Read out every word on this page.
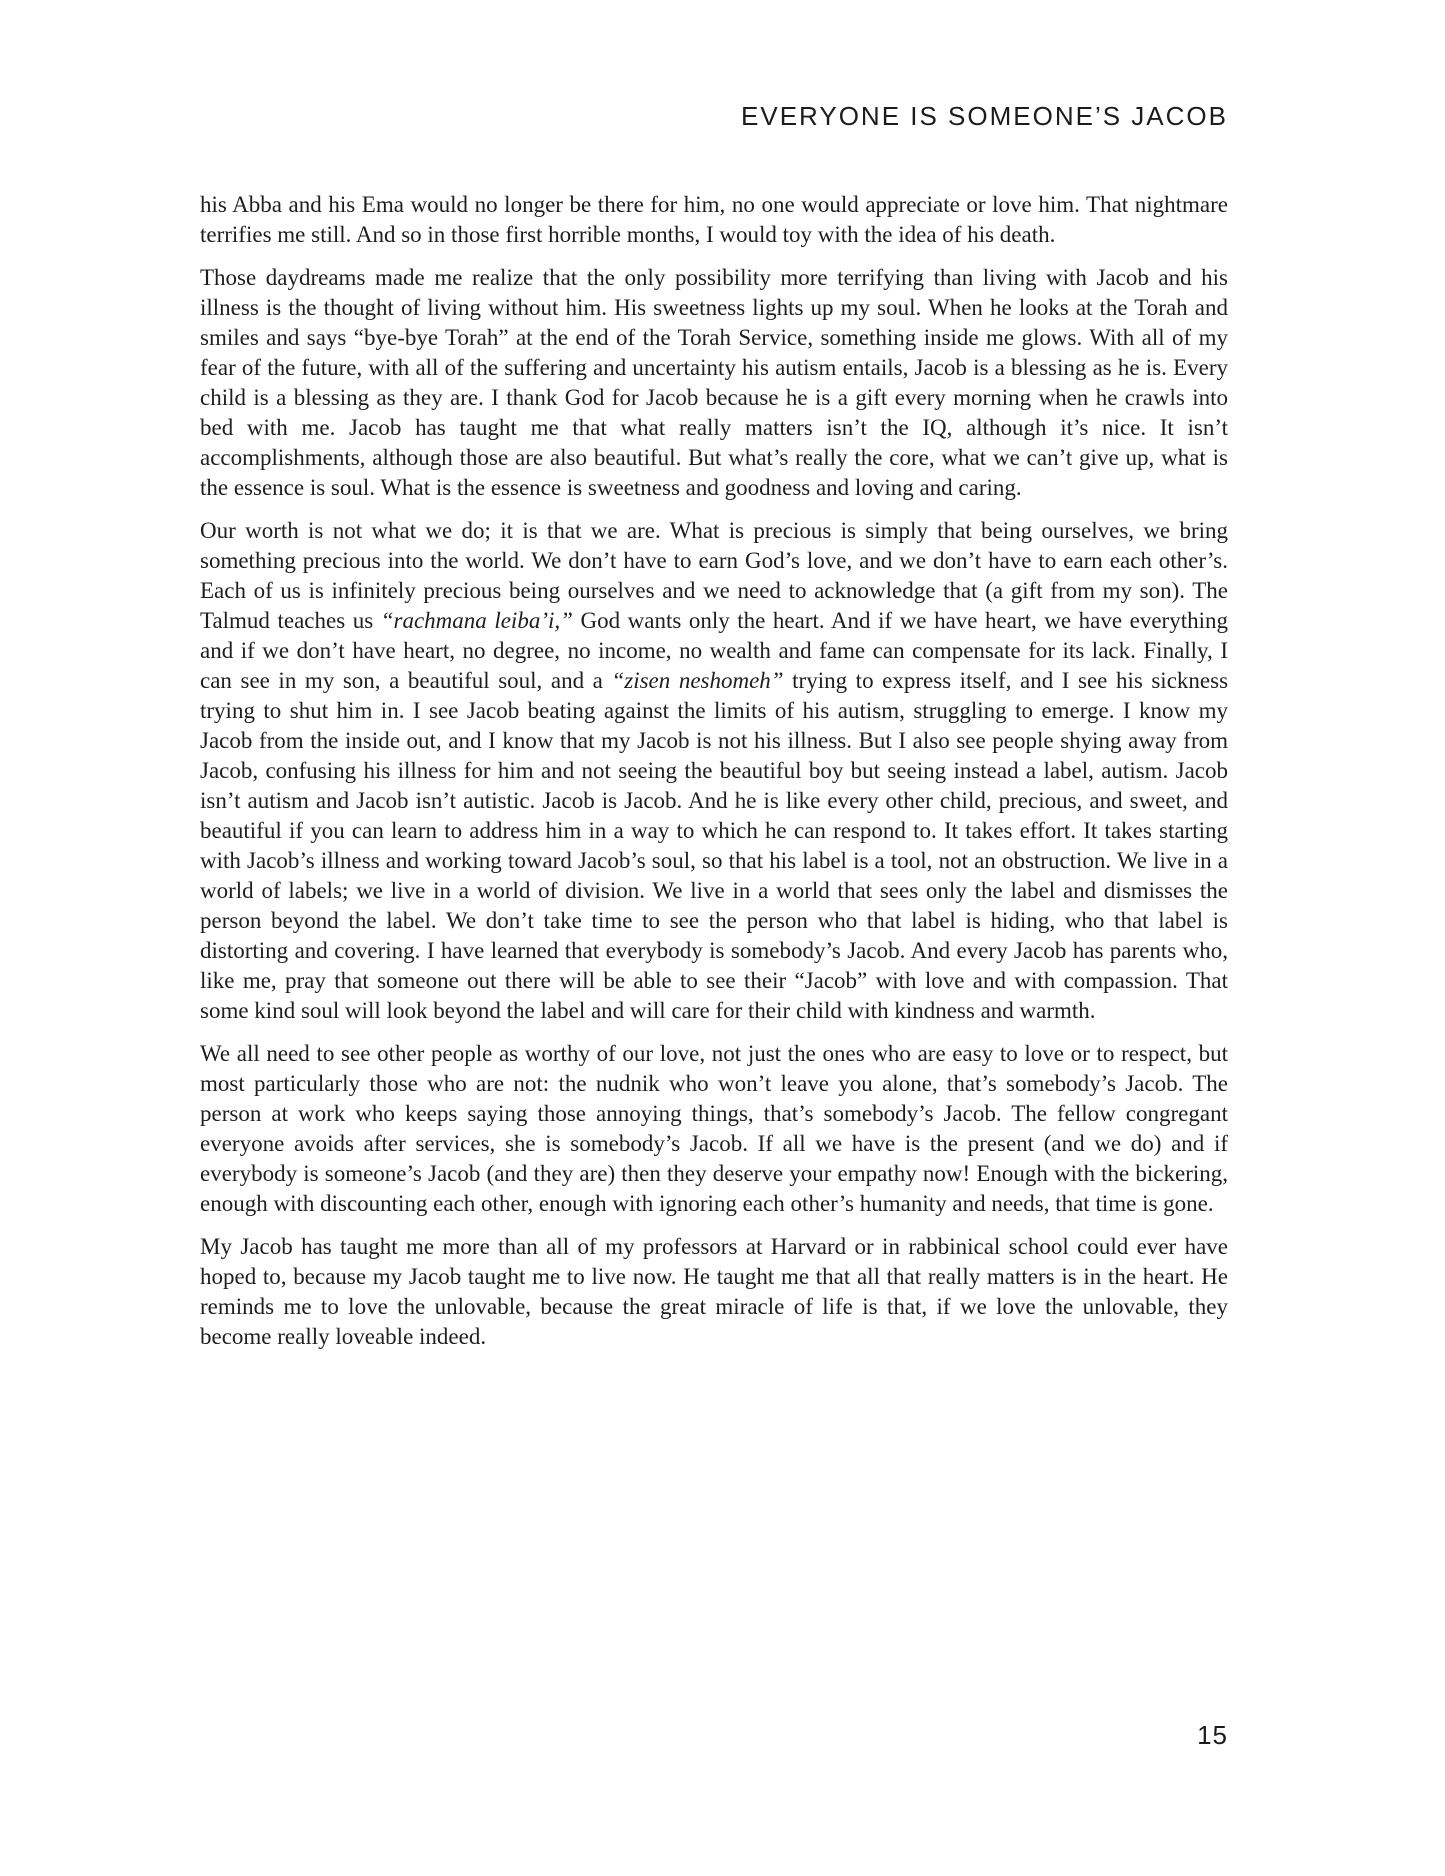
EVERYONE IS SOMEONE’S JACOB

his Abba and his Ema would no longer be there for him, no one would appreciate or love him. That nightmare terrifies me still. And so in those first horrible months, I would toy with the idea of his death.

Those daydreams made me realize that the only possibility more terrifying than living with Jacob and his illness is the thought of living without him. His sweetness lights up my soul. When he looks at the Torah and smiles and says “bye-bye Torah” at the end of the Torah Service, something inside me glows. With all of my fear of the future, with all of the suffering and uncertainty his autism entails, Jacob is a blessing as he is. Every child is a blessing as they are. I thank God for Jacob because he is a gift every morning when he crawls into bed with me. Jacob has taught me that what really matters isn’t the IQ, although it’s nice. It isn’t accomplishments, although those are also beautiful. But what’s really the core, what we can’t give up, what is the essence is soul. What is the essence is sweetness and goodness and loving and caring.

Our worth is not what we do; it is that we are. What is precious is simply that being ourselves, we bring something precious into the world. We don’t have to earn God’s love, and we don’t have to earn each other’s. Each of us is infinitely precious being ourselves and we need to acknowledge that (a gift from my son). The Talmud teaches us “rachmana leiba’i,” God wants only the heart. And if we have heart, we have everything and if we don’t have heart, no degree, no income, no wealth and fame can compensate for its lack. Finally, I can see in my son, a beautiful soul, and a “zisen neshomeh” trying to express itself, and I see his sickness trying to shut him in. I see Jacob beating against the limits of his autism, struggling to emerge. I know my Jacob from the inside out, and I know that my Jacob is not his illness. But I also see people shying away from Jacob, confusing his illness for him and not seeing the beautiful boy but seeing instead a label, autism. Jacob isn’t autism and Jacob isn’t autistic. Jacob is Jacob. And he is like every other child, precious, and sweet, and beautiful if you can learn to address him in a way to which he can respond to. It takes effort. It takes starting with Jacob’s illness and working toward Jacob’s soul, so that his label is a tool, not an obstruction. We live in a world of labels; we live in a world of division. We live in a world that sees only the label and dismisses the person beyond the label. We don’t take time to see the person who that label is hiding, who that label is distorting and covering. I have learned that everybody is somebody’s Jacob. And every Jacob has parents who, like me, pray that someone out there will be able to see their “Jacob” with love and with compassion. That some kind soul will look beyond the label and will care for their child with kindness and warmth.

We all need to see other people as worthy of our love, not just the ones who are easy to love or to respect, but most particularly those who are not: the nudnik who won’t leave you alone, that’s somebody’s Jacob. The person at work who keeps saying those annoying things, that’s somebody’s Jacob. The fellow congregant everyone avoids after services, she is somebody’s Jacob. If all we have is the present (and we do) and if everybody is someone’s Jacob (and they are) then they deserve your empathy now! Enough with the bickering, enough with discounting each other, enough with ignoring each other’s humanity and needs, that time is gone.

My Jacob has taught me more than all of my professors at Harvard or in rabbinical school could ever have hoped to, because my Jacob taught me to live now. He taught me that all that really matters is in the heart. He reminds me to love the unlovable, because the great miracle of life is that, if we love the unlovable, they become really loveable indeed.

15
